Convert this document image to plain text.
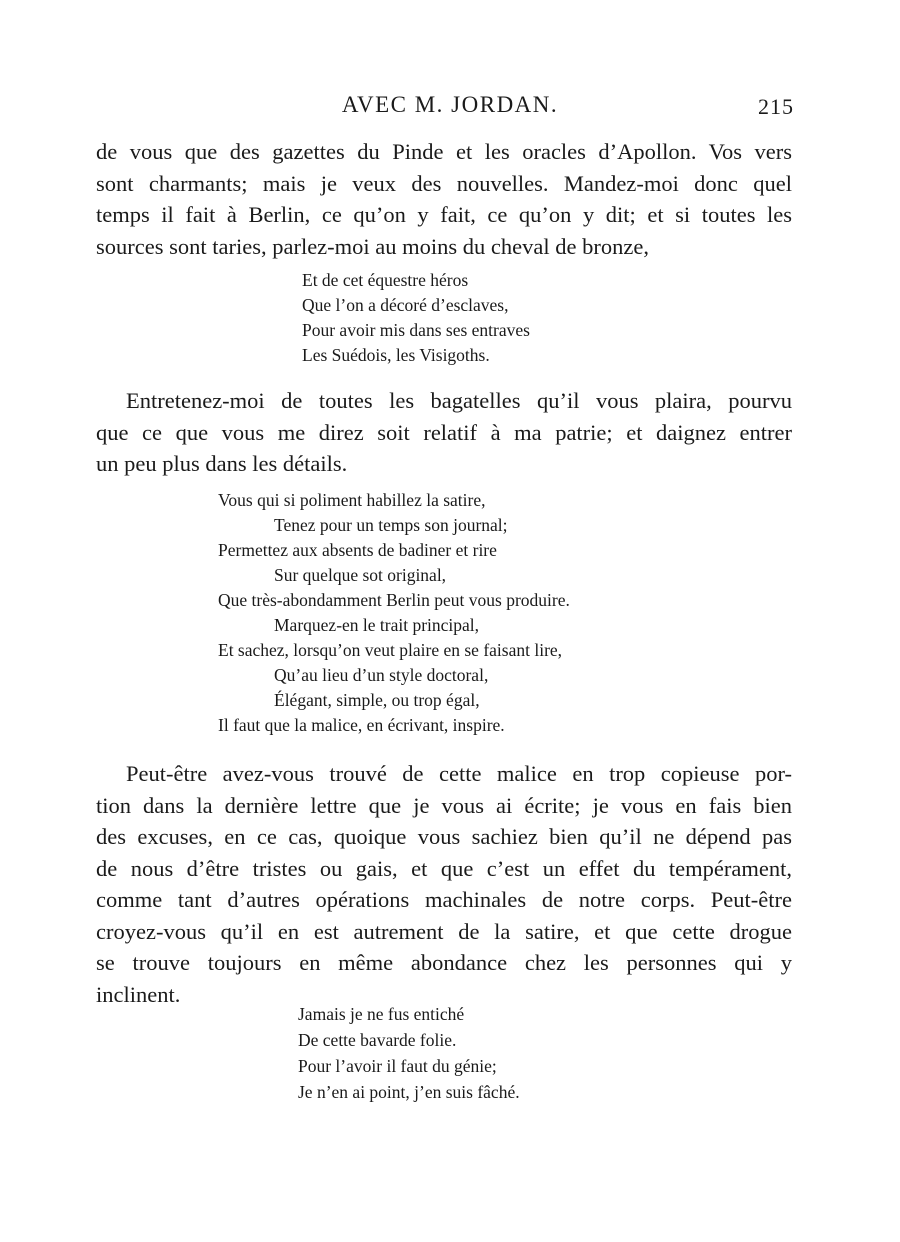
AVEC M. JORDAN.	215
de vous que des gazettes du Pinde et les oracles d’Apollon. Vos vers
sont charmants; mais je veux des nouvelles. Mandez-moi donc quel
temps il fait à Berlin, ce qu’on y fait, ce qu’on y dit; et si toutes les
sources sont taries, parlez-moi au moins du cheval de bronze,
Et de cet équestre héros
Que l’on a décoré d’esclaves,
Pour avoir mis dans ses entraves
Les Suédois, les Visigoths.
Entretenez-moi de toutes les bagatelles qu’il vous plaira, pourvu
que ce que vous me direz soit relatif à ma patrie; et daignez entrer
un peu plus dans les détails.
Vous qui si poliment habillez la satire,
Tenez pour un temps son journal;
Permettez aux absents de badiner et rire
Sur quelque sot original,
Que très-abondamment Berlin peut vous produire.
Marquez-en le trait principal,
Et sachez, lorsqu’on veut plaire en se faisant lire,
Qu’au lieu d’un style doctoral,
Élégant, simple, ou trop égal,
Il faut que la malice, en écrivant, inspire.
Peut-être avez-vous trouvé de cette malice en trop copieuse por-
tion dans la dernière lettre que je vous ai écrite; je vous en fais bien
des excuses, en ce cas, quoique vous sachiez bien qu’il ne dépend pas
de nous d’être tristes ou gais, et que c’est un effet du tempérament,
comme tant d’autres opérations machinales de notre corps. Peut-être
croyez-vous qu’il en est autrement de la satire, et que cette drogue
se trouve toujours en même abondance chez les personnes qui y
inclinent.
Jamais je ne fus entiché
De cette bavarde folie.
Pour l’avoir il faut du génie;
Je n’en ai point, j’en suis fâché.
